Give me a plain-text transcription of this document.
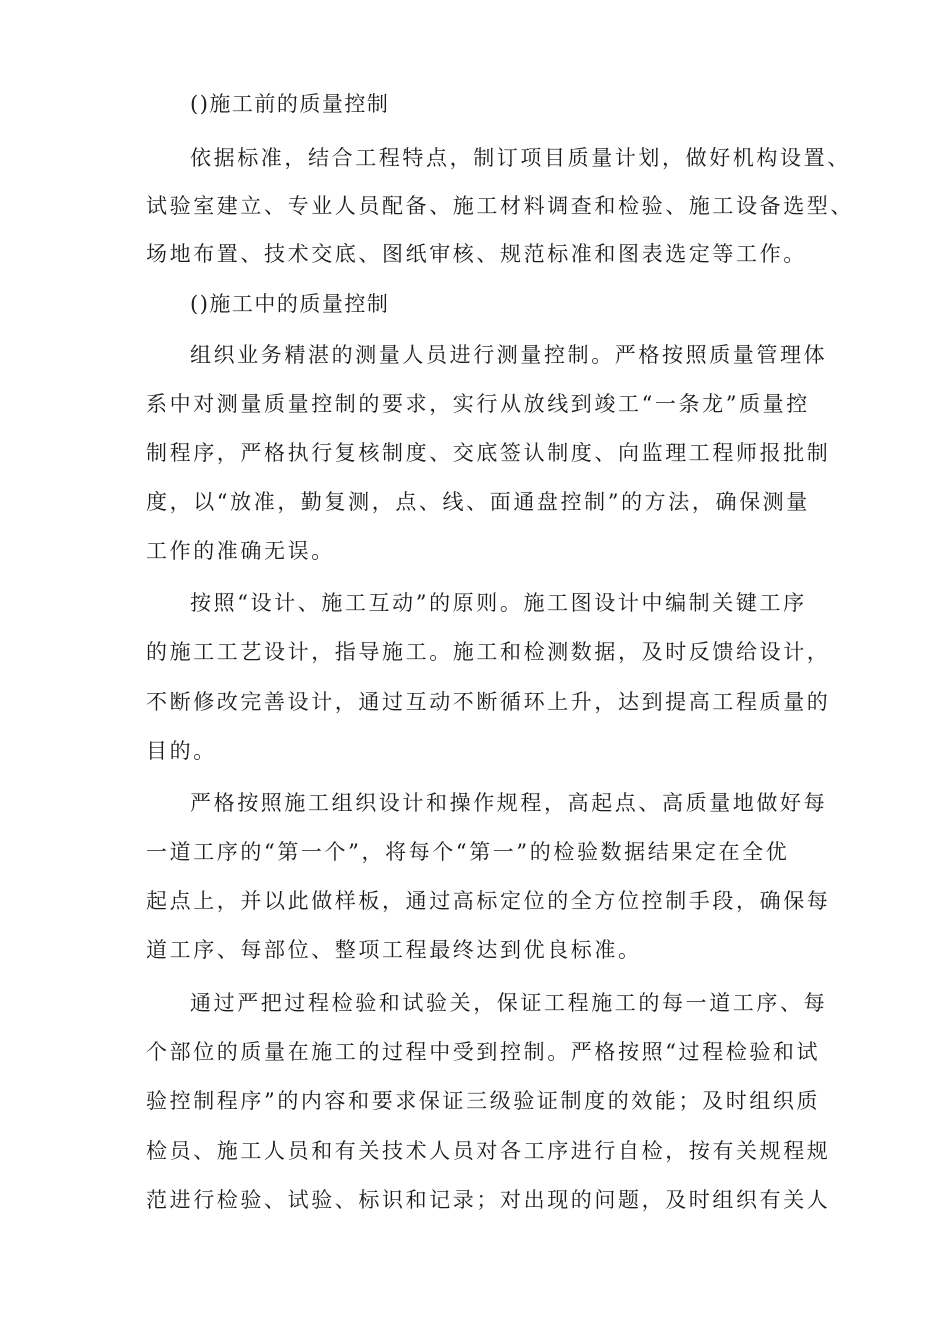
()施工前的质量控制
依据标准，结合工程特点，制订项目质量计划，做好机构设置、
试验室建立、专业人员配备、施工材料调查和检验、施工设备选型、
场地布置、技术交底、图纸审核、规范标准和图表选定等工作。
()施工中的质量控制
组织业务精湛的测量人员进行测量控制。严格按照质量管理体
系中对测量质量控制的要求，实行从放线到竣工“一条龙”质量控
制程序，严格执行复核制度、交底签认制度、向监理工程师报批制
度，以“放准，勤复测，点、线、面通盘控制”的方法，确保测量
工作的准确无误。
按照“设计、施工互动”的原则。施工图设计中编制关键工序
的施工工艺设计，指导施工。施工和检测数据，及时反馈给设计，
不断修改完善设计，通过互动不断循环上升，达到提高工程质量的
目的。
严格按照施工组织设计和操作规程，高起点、高质量地做好每
一道工序的“第一个”，将每个“第一”的检验数据结果定在全优
起点上，并以此做样板，通过高标定位的全方位控制手段，确保每
道工序、每部位、整项工程最终达到优良标准。
通过严把过程检验和试验关，保证工程施工的每一道工序、每
个部位的质量在施工的过程中受到控制。严格按照“过程检验和试
验控制程序”的内容和要求保证三级验证制度的效能；及时组织质
检员、施工人员和有关技术人员对各工序进行自检，按有关规程规
范进行检验、试验、标识和记录；对出现的问题，及时组织有关人
